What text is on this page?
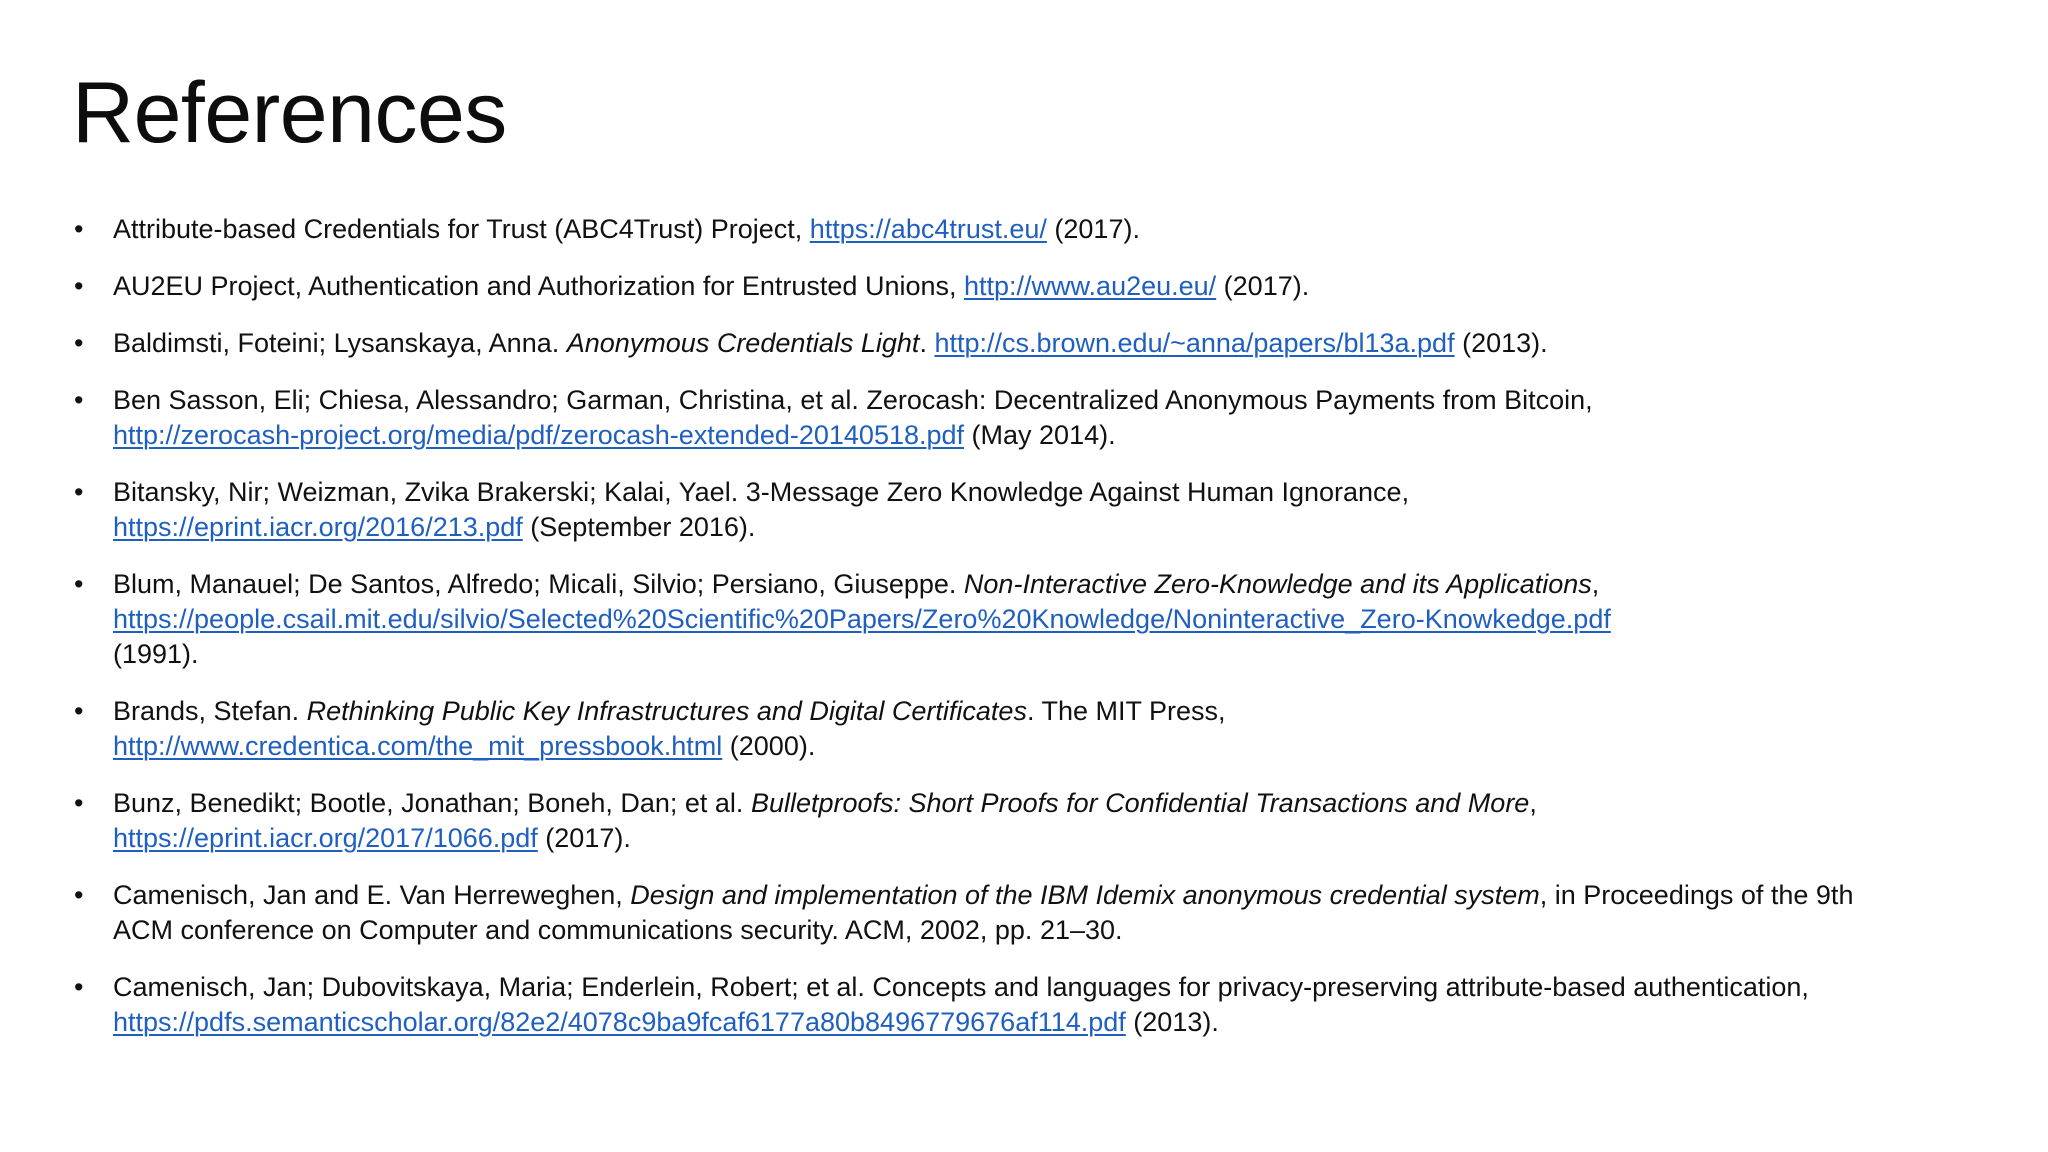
References
• Attribute-based Credentials for Trust (ABC4Trust) Project, https://abc4trust.eu/ (2017).
• AU2EU Project, Authentication and Authorization for Entrusted Unions, http://www.au2eu.eu/ (2017).
• Baldimsti, Foteini; Lysanskaya, Anna. Anonymous Credentials Light. http://cs.brown.edu/~anna/papers/bl13a.pdf (2013).
• Ben Sasson, Eli; Chiesa, Alessandro; Garman, Christina, et al. Zerocash: Decentralized Anonymous Payments from Bitcoin,
http://zerocash-project.org/media/pdf/zerocash-extended-20140518.pdf (May 2014).
• Bitansky, Nir; Weizman, Zvika Brakerski; Kalai, Yael. 3-Message Zero Knowledge Against Human Ignorance,
https://eprint.iacr.org/2016/213.pdf (September 2016).
• Blum, Manauel; De Santos, Alfredo; Micali, Silvio; Persiano, Giuseppe. Non-Interactive Zero-Knowledge and its Applications,
https://people.csail.mit.edu/silvio/Selected%20Scientific%20Papers/Zero%20Knowledge/Noninteractive_Zero-Knowkedge.pdf
(1991).
• Brands, Stefan. Rethinking Public Key Infrastructures and Digital Certificates. The MIT Press,
http://www.credentica.com/the_mit_pressbook.html (2000).
• Bunz, Benedikt; Bootle, Jonathan; Boneh, Dan; et al. Bulletproofs: Short Proofs for Confidential Transactions and More,
https://eprint.iacr.org/2017/1066.pdf (2017).
• Camenisch, Jan and E. Van Herreweghen, Design and implementation of the IBM Idemix anonymous credential system, in Proceedings of the 9th ACM conference on Computer and communications security. ACM, 2002, pp. 21–30.
• Camenisch, Jan; Dubovitskaya, Maria; Enderlein, Robert; et al. Concepts and languages for privacy-preserving attribute-based authentication, https://pdfs.semanticscholar.org/82e2/4078c9ba9fcaf6177a80b8496779676af114.pdf (2013).
